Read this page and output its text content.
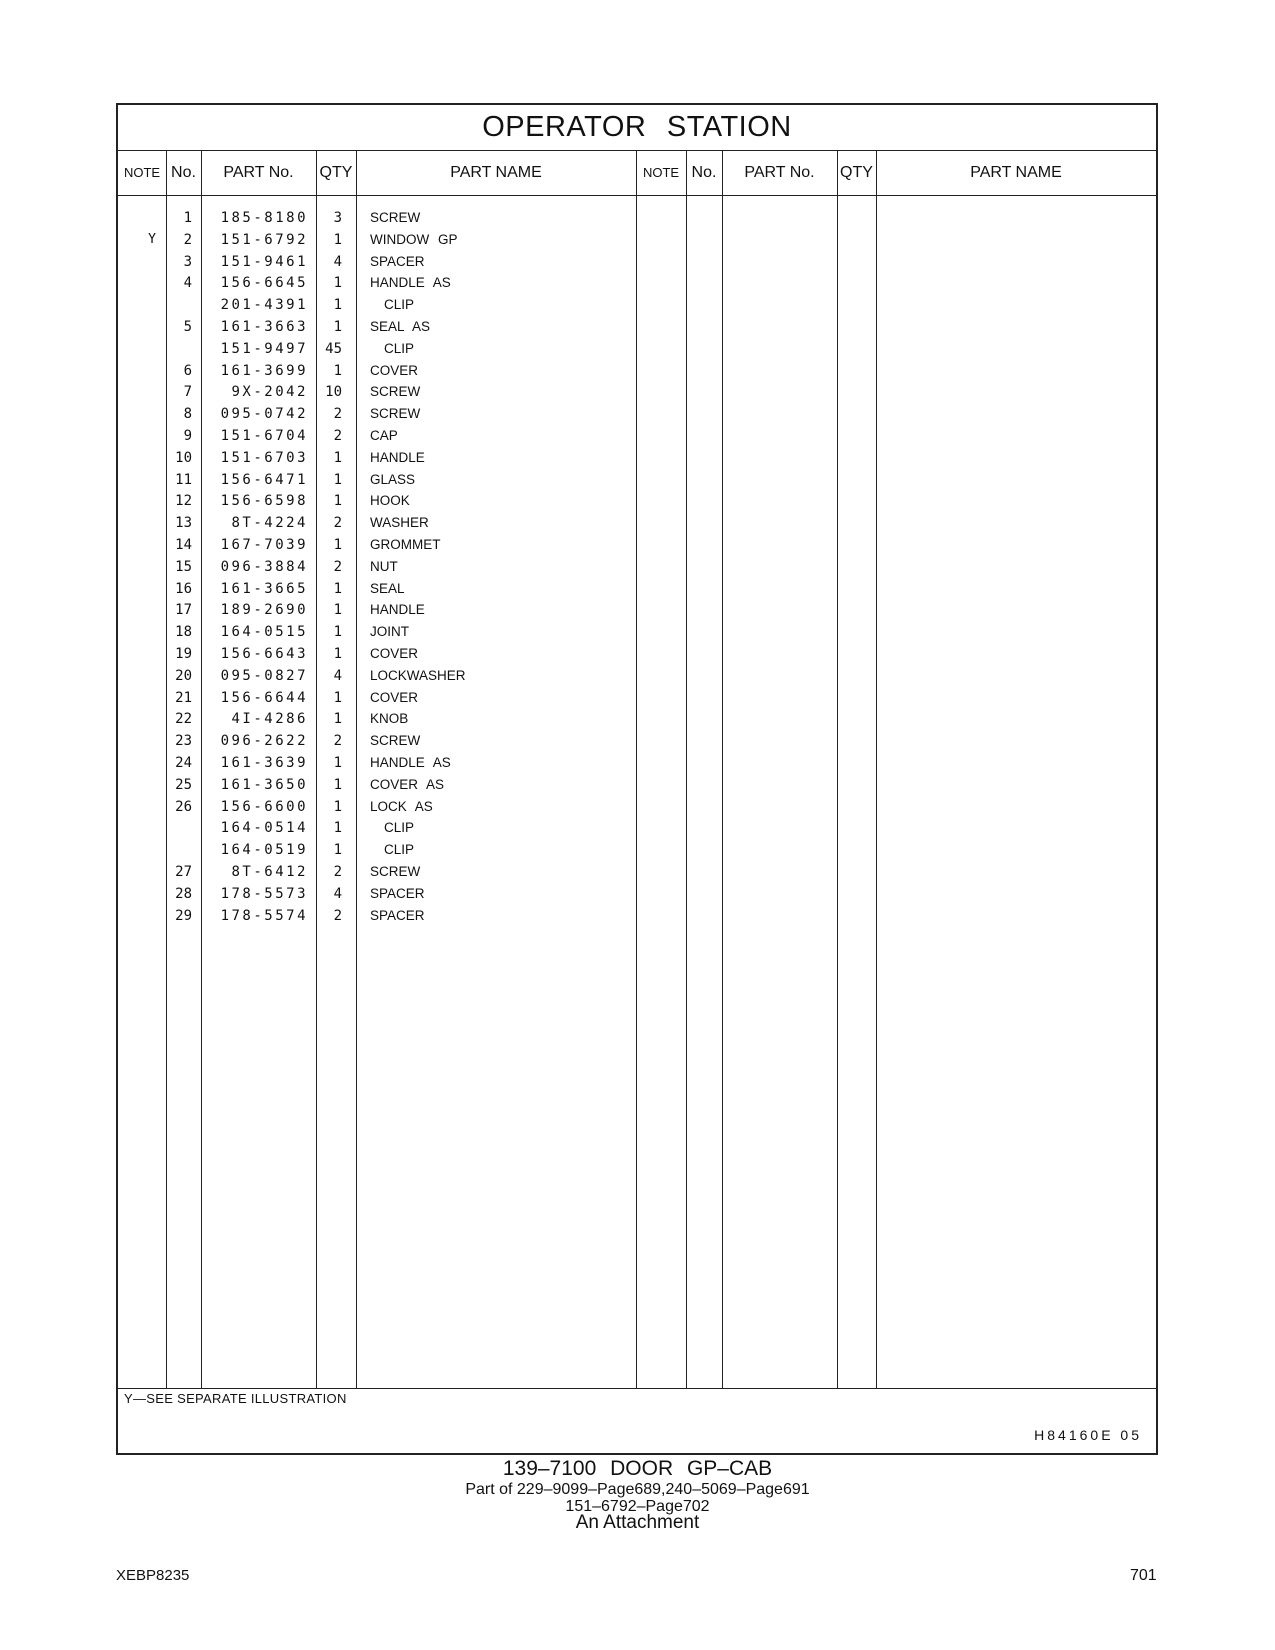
OPERATOR STATION
NOTE No.	PART No.	QTY	PART NAME	NOTE No.	PART No.	QTY	PART NAME
1	185-8180	3 SCREW
Y	2	151-6792	1 WINDOW GP
3	151-9461	4 SPACER
4	156-6645	1 HANDLE AS
201-4391	1	CLIP
5	161-3663	1 SEAL AS
151-9497	45	CLIP
6	161-3699	1 COVER
7	9X-2042	10 SCREW
8	095-0742	2 SCREW
9	151-6704	2 CAP
10	151-6703	1 HANDLE
11	156-6471	1 GLASS
12	156-6598	1 HOOK
13	8T-4224	2 WASHER
14	167-7039	1 GROMMET
15	096-3884	2 NUT
16	161-3665	1 SEAL
17	189-2690	1 HANDLE
18	164-0515	1 JOINT
19	156-6643	1 COVER
20	095-0827	4 LOCKWASHER
21	156-6644	1 COVER
22	4I-4286	1 KNOB
23	096-2622	2 SCREW
24	161-3639	1 HANDLE AS
25	161-3650	1 COVER AS
26	156-6600	1 LOCK AS
164-0514	1	CLIP
164-0519	1	CLIP
27	8T-6412	2 SCREW
28	178-5573	4 SPACER
29	178-5574	2 SPACER
Y—SEE SEPARATE ILLUSTRATION
H84160E 05
139–7100 DOOR GP–CAB
Part of 229–9099–Page689,240–5069–Page691
151–6792–Page702
An Attachment
XEBP8235	701
